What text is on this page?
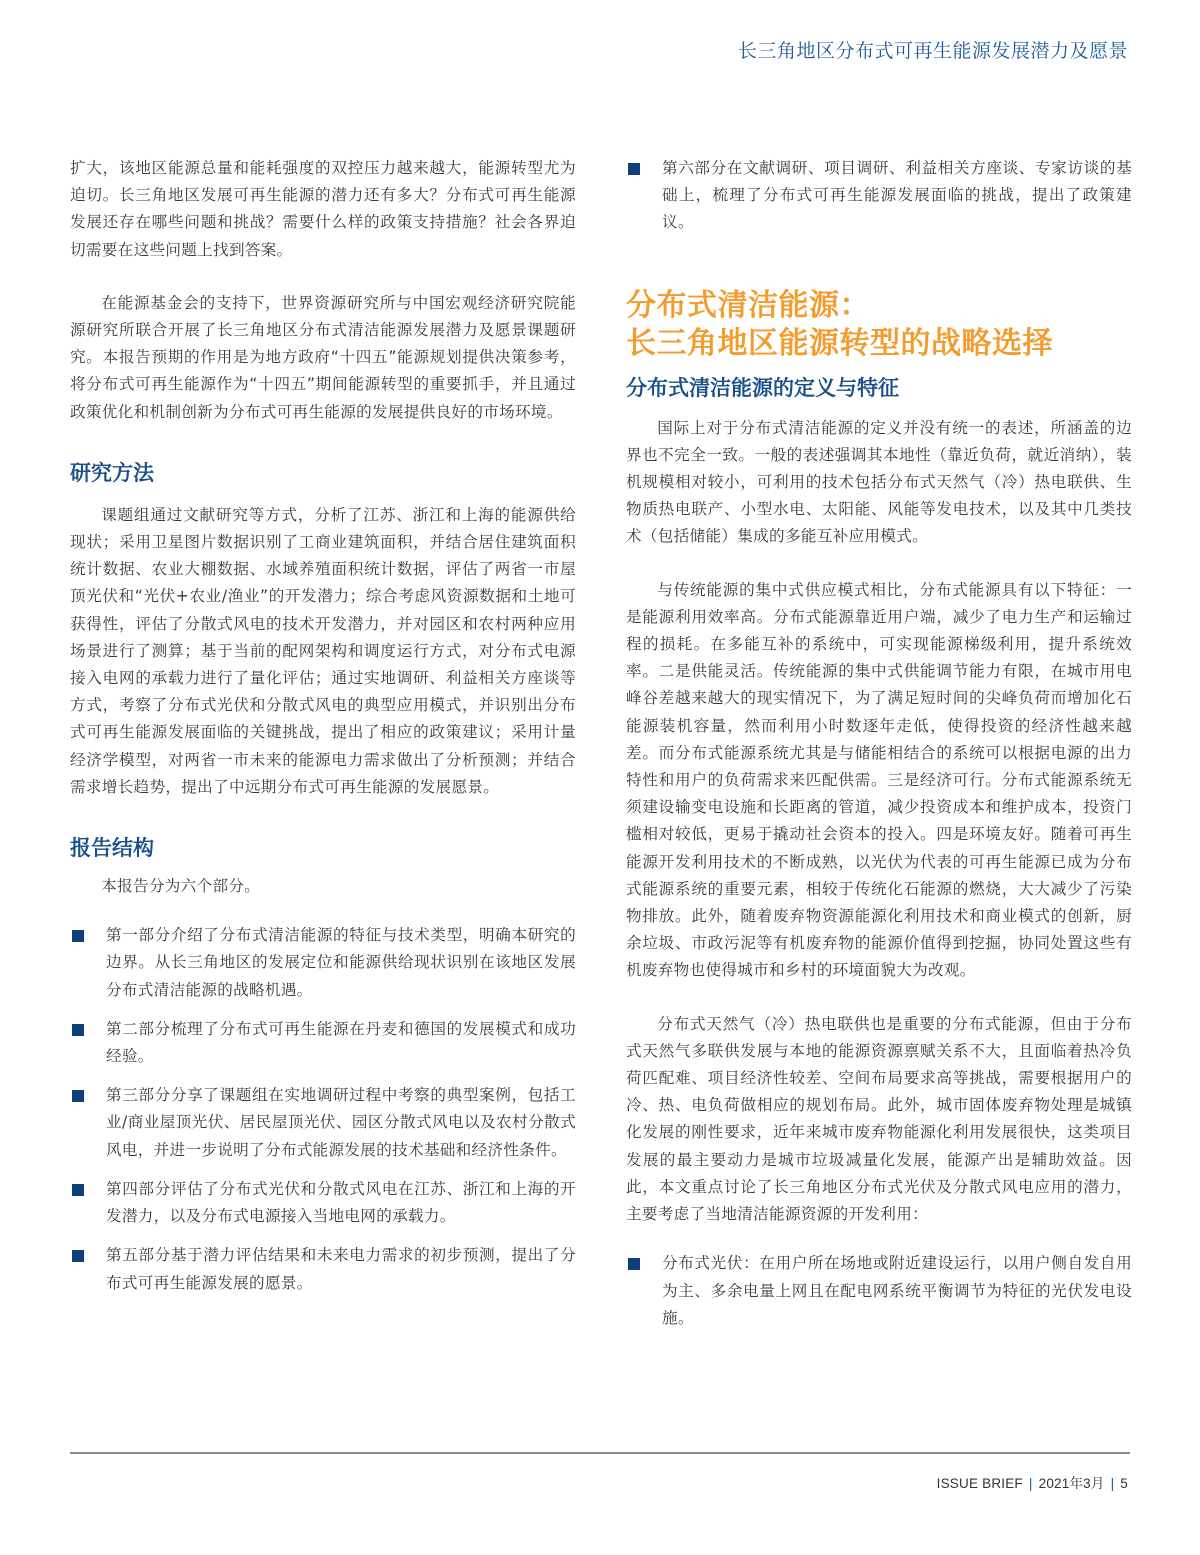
长三角地区分布式可再生能源发展潜力及愿景

扩大，该地区能源总量和能耗强度的双控压力越来越大，能源转型尤为迫切。长三角地区发展可再生能源的潜力还有多大？分布式可再生能源发展还存在哪些问题和挑战？需要什么样的政策支持措施？社会各界迫切需要在这些问题上找到答案。

在能源基金会的支持下，世界资源研究所与中国宏观经济研究院能源研究所联合开展了长三角地区分布式清洁能源发展潜力及愿景课题研究。本报告预期的作用是为地方政府“十四五”能源规划提供决策参考，将分布式可再生能源作为“十四五”期间能源转型的重要抓手，并且通过政策优化和机制创新为分布式可再生能源的发展提供良好的市场环境。

研究方法

课题组通过文献研究等方式，分析了江苏、浙江和上海的能源供给现状；采用卫星图片数据识别了工商业建筑面积，并结合居住建筑面积统计数据、农业大棚数据、水域养殖面积统计数据，评估了两省一市屋顶光伏和“光伏+农业/渔业”的开发潜力；综合考虑风资源数据和土地可获得性，评估了分散式风电的技术开发潜力，并对园区和农村两种应用场景进行了测算；基于当前的配网架构和调度运行方式，对分布式电源接入电网的承载力进行了量化评估；通过实地调研、利益相关方座谈等方式，考察了分布式光伏和分散式风电的典型应用模式，并识别出分布式可再生能源发展面临的关键挑战，提出了相应的政策建议；采用计量经济学模型，对两省一市未来的能源电力需求做出了分析预测；并结合需求增长趋势，提出了中远期分布式可再生能源的发展愿景。

报告结构

本报告分为六个部分。

第一部分介绍了分布式清洁能源的特征与技术类型，明确本研究的边界。从长三角地区的发展定位和能源供给现状识别在该地区发展分布式清洁能源的战略机遇。

第二部分梳理了分布式可再生能源在丹麦和德国的发展模式和成功经验。

第三部分分享了课题组在实地调研过程中考察的典型案例，包括工业/商业屋顶光伏、居民屋顶光伏、园区分散式风电以及农村分散式风电，并进一步说明了分布式能源发展的技术基础和经济性条件。

第四部分评估了分布式光伏和分散式风电在江苏、浙江和上海的开发潜力，以及分布式电源接入当地电网的承载力。

第五部分基于潜力评估结果和未来电力需求的初步预测，提出了分布式可再生能源发展的愿景。

第六部分在文献调研、项目调研、利益相关方座谈、专家访谈的基础上，梳理了分布式可再生能源发展面临的挑战，提出了政策建议。

分布式清洁能源：
长三角地区能源转型的战略选择
分布式清洁能源的定义与特征

国际上对于分布式清洁能源的定义并没有统一的表述，所涵盖的边界也不完全一致。一般的表述强调其本地性（靠近负荷，就近消纳），装机规模相对较小，可利用的技术包括分布式天然气（冷）热电联供、生物质热电联产、小型水电、太阳能、风能等发电技术，以及其中几类技术（包括储能）集成的多能互补应用模式。

与传统能源的集中式供应模式相比，分布式能源具有以下特征：一是能源利用效率高。分布式能源靠近用户端，减少了电力生产和运输过程的损耗。在多能互补的系统中，可实现能源梯级利用，提升系统效率。二是供能灵活。传统能源的集中式供能调节能力有限，在城市用电峰谷差越来越大的现实情况下，为了满足短时间的尖峰负荷而增加化石能源装机容量，然而利用小时数逐年走低，使得投资的经济性越来越差。而分布式能源系统尤其是与储能相结合的系统可以根据电源的出力特性和用户的负荷需求来匹配供需。三是经济可行。分布式能源系统无须建设输变电设施和长距离的管道，减少投资成本和维护成本，投资门槛相对较低，更易于撬动社会资本的投入。四是环境友好。随着可再生能源开发利用技术的不断成熟，以光伏为代表的可再生能源已成为分布式能源系统的重要元素，相较于传统化石能源的燃烧，大大减少了污染物排放。此外，随着废弃物资源能源化利用技术和商业模式的创新，厨余垃圾、市政污泥等有机废弃物的能源价值得到挖掘，协同处置这些有机废弃物也使得城市和乡村的环境面貌大为改观。

分布式天然气（冷）热电联供也是重要的分布式能源，但由于分布式天然气多联供发展与本地的能源资源禀赋关系不大，且面临着热冷负荷匹配难、项目经济性较差、空间布局要求高等挑战，需要根据用户的冷、热、电负荷做相应的规划布局。此外，城市固体废弃物处理是城镇化发展的刚性要求，近年来城市废弃物能源化利用发展很快，这类项目发展的最主要动力是城市垃圾减量化发展，能源产出是辅助效益。因此，本文重点讨论了长三角地区分布式光伏及分散式风电应用的潜力，主要考虑了当地清洁能源资源的开发利用：

分布式光伏：在用户所在场地或附近建设运行，以用户侧自发自用为主、多余电量上网且在配电网系统平衡调节为特征的光伏发电设施。

ISSUE BRIEF | 2021年3月 | 5
